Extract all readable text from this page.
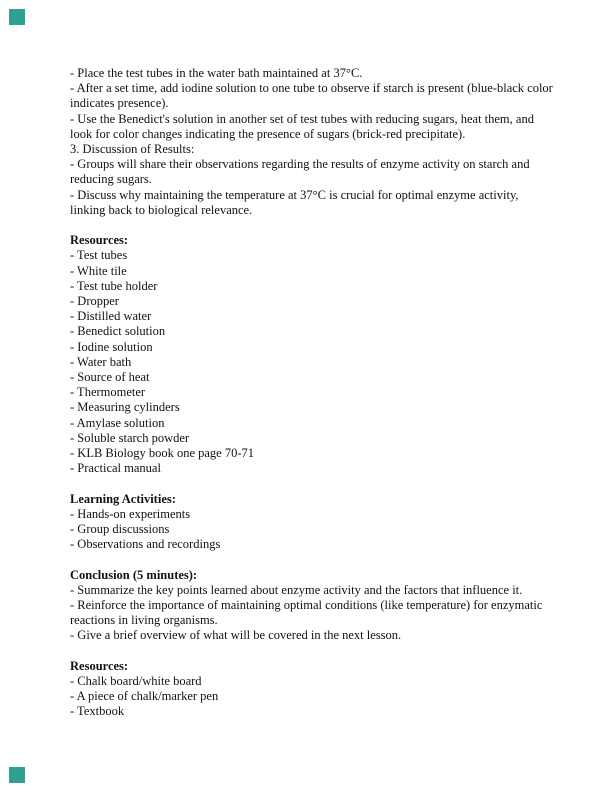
- Place the test tubes in the water bath maintained at 37°C.
- After a set time, add iodine solution to one tube to observe if starch is present (blue-black color
indicates presence).
- Use the Benedict's solution in another set of test tubes with reducing sugars, heat them, and
look for color changes indicating the presence of sugars (brick-red precipitate).
3. Discussion of Results:
- Groups will share their observations regarding the results of enzyme activity on starch and
reducing sugars.
- Discuss why maintaining the temperature at 37°C is crucial for optimal enzyme activity,
linking back to biological relevance.
Resources:
- Test tubes
- White tile
- Test tube holder
- Dropper
- Distilled water
- Benedict solution
- Iodine solution
- Water bath
- Source of heat
- Thermometer
- Measuring cylinders
- Amylase solution
- Soluble starch powder
- KLB Biology book one page 70-71
- Practical manual
Learning Activities:
- Hands-on experiments
- Group discussions
- Observations and recordings
Conclusion (5 minutes):
- Summarize the key points learned about enzyme activity and the factors that influence it.
- Reinforce the importance of maintaining optimal conditions (like temperature) for enzymatic
reactions in living organisms.
- Give a brief overview of what will be covered in the next lesson.
Resources:
- Chalk board/white board
- A piece of chalk/marker pen
- Textbook
